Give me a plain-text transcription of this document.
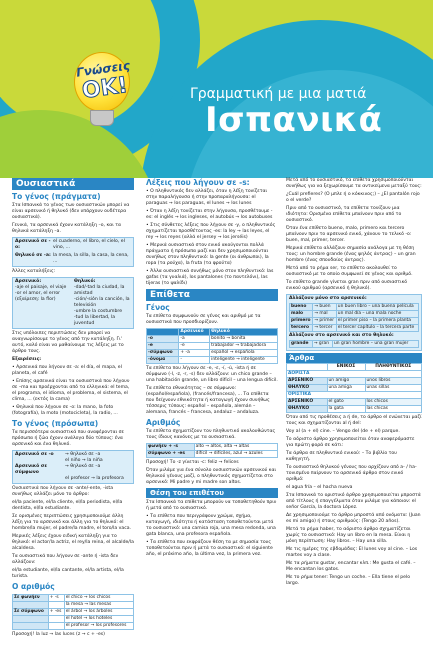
Γνώσεις
OK!	Γραμματική με μια ματιά
Ισπανικά
Ουσιαστικά
Το γένος (πράγματα)

Στα Ισπανικά το γένος των ουσιαστικών μπορεί να είναι αρσενικό ή θηλυκό (δεν υπάρχουν ουδέτερα ουσιαστικά).

Γενικά, τα αρσενικά έχουν κατάληξη –o, και τα θηλυκά κατάληξη –a.

Αρσενικό σε -o:
el cuaderno, el libro, el cielo, el vino, ...
Θηλυκό σε -a: la mesa, la silla, la casa, la cena, ...

Άλλες καταλήξεις:

Αρσενικό:
-aje el paisaje, el viaje
-or el amor, el error
(εξαίρεση: la flor)
Θηλυκό:
-dad/-tad la ciudad, la amistad
-ción/-sión la canción, la televisión
-umbre la costumbre
-tud la libertad, la juventud

Στις υπόλοιπες περιπτώσεις δεν μπορεί να αναγνωρίσουμε το γένος από την κατάληξη. Γι' αυτό, καλό είναι να μαθαίνουμε τις λέξεις με το άρθρο τους.

Εξαιρέσεις:

• Αρσενικά που λήγουν σε -a: el día, el mapa, el planeta, el café

• Επίσης αρσενικά είναι τα ουσιαστικά που λήγουν σε –ma και προέρχονται από τα ελληνικά: el tema, el programa, el idioma, el problema, el sistema, el clima, ... (εκτός la cama)

• Θηλυκά που λήγουν σε -o: la mano, la foto (fotografía), la moto (motocicleta), la radio, ...

Το γένος (πρόσωπα)

Τα περισσότερα ουσιαστικά που αναφέρονται σε πρόσωπα ή ζώα έχουν ανάλογα δύο τύπους: ένα αρσενικό και ένα θηλυκό.

Αρσενικό σε -o	→ θηλυκό σε –a
el niño → la niña
Αρσενικό σε σύμφωνο
→ θηλυκό σε –a
el profesor → la profesora

Ουσιαστικά που λήγουν σε -ante/-ente, -ista συνήθως αλλάζει μόνο το άρθρο:

el/la paciente, el/la cliente, el/la periodista, el/la dentista, el/la estudiante.

Σε ορισμένες περιπτώσεις χρησιμοποιούμε άλλη λέξη για το αρσενικό και άλλη για το θηλυκό: el hombre/la mujer, el padre/la madre, el toro/la vaca.

Μερικές λέξεις έχουν ειδική κατάληξη για το θηλυκό: el actor/la actriz, el rey/la reina, el alcalde/la alcaldesa.

Τα ουσιαστικά που λήγουν σε -ante ή -ista δεν αλλάζουν:

el/la estudiante, el/la cantante, el/la artista, el/la turista.

Ο αριθμός
Σε φωνήεν	+ -s	el chico → los chicos
		la mesa → las mesas
Σε σύμφωνο	+ -es	el árbol → los árboles
		el hotel → los hoteles
		el profesor → los profesores

Προσοχή! la luz → las luces (z → c + -es)

Λέξεις που λήγουν σε -s:

• Ο πληθυντικός δεν αλλάζει, όταν η λέξη τονίζεται στην παραλήγουσα ή στην προπαραλήγουσα: el paraguas → los paraguas, el lunes → los lunes

• Όταν η λέξη τονίζεται στην λήγουσα, προσθέτουμε -es: el inglés → los ingleses, el autobús → los autobuses

• Στις σύνθετες λέξεις που λήγουν σε -y, ο πληθυντικός σχηματίζεται προσθέτοντας -es: la ley → las leyes, el rey → los reyes (αλλά el jersey → los jerséis)

• Μερικά ουσιαστικά στον ενικό ακούγονται πολλά πράγματα ή πρόσωπα μαζί και δεν χρησιμοποιούνται συνήθως στον πληθυντικό: la gente (οι άνθρωποι), la ropa (τα ρούχα), la fruta (τα φρούτα)

• Άλλα ουσιαστικά συνήθως μόνο στον πληθυντικό: las gafas (τα γυαλιά), los pantalones (το παντελόνι), las tijeras (το ψαλίδι)

Επίθετα
Γένος

Τα επίθετα συμφωνούν σε γένος και αριθμό με τα ουσιαστικά που προσδιορίζουν.

	Αρσενικό	Θηλυκό
-o	-a	bonito → bonita
-e	-e	trabajador → trabajadora
-σύμφωνο	+ -a	español → española
-όνομα	-	inteligente → inteligente

Τα επίθετα που λήγουν σε -e, -ε, -í, -ú, -ista ή σε σύμφωνο (-l, -z, -r, -s) δεν αλλάζουν: un chico grande – una habitación grande, un libro difícil – una lengua difícil.

Τα επίθετα εθνικότητας – σε σύμφωνο: (español/española), (francés/francesa), ... Τα επίθετα που δείχνουν εθνικότητα ή καταγωγή έχουν συνήθως τέσσερις τύπους: español – española, alemán – alemana, francés – francesa, andaluz – andaluza.

Αριθμός

Τα επίθετα σχηματίζουν τον πληθυντικό ακολουθώντας τους ίδιους κανόνες με τα ουσιαστικά.

φωνήεν + -s	alto → altos, alta → altas
σύμφωνο + -es	difícil → difíciles, azul → azules

Προσοχή! Το -z γίνεται -c: feliz → felices

Όταν μιλάμε για ένα σύνολο ουσιαστικών αρσενικού και θηλυκού γένους μαζί, ο πληθυντικός σχηματίζεται στο αρσενικό: Mi padre y mi madre son altos.

Θέση του επιθέτου

Στα Ισπανικά τα επίθετα μπορούν να τοποθετηθούν πριν ή μετά από το ουσιαστικό.

• Τα επίθετα που περιγράφουν χρώμα, σχήμα, καταγωγή, ιδιότητα ή κατάσταση τοποθετούνται μετά το ουσιαστικό: una camisa roja, una mesa redonda, una gata blanca, una profesora española.

• Τα επίθετα που εκφράζουν θέση τα με σημασία τους τοποθετούνται πριν ή μετά το ουσιαστικό: el siguiente año, el próximo año, la última vez, la primera vez.

Μετά από το ουσιαστικό, τα επίθετα χρησιμοποιούνται συνήθως για να ξεχωρίσουμε τα αντικείμενα μεταξύ τους:

¿Cuál prefieres? (Ο μπλε ή ο κόκκινος;) – ¿El pantalón rojo o el verde?

Πριν από το ουσιαστικό, τα επίθετα τονίζουν μια ιδιότητα: Ορισμένα επίθετα μπαίνουν πριν από το ουσιαστικό.

Όταν ένα επίθετο bueno, malo, primero και tercero μπαίνουν πριν το αρσενικό ενικό, χάνουν το τελικό -o: buen, mal, primer, tercer.

Μερικά επίθετα αλλάζουν σημασία ανάλογα με τη θέση τους: un hombre grande (ένας ψηλός άντρας) – un gran hombre (ένας σπουδαίος άντρας).

Μετά από το ρήμα ser, το επίθετο ακολουθεί το ουσιαστικό με το οποίο συμφωνεί σε γένος και αριθμό.

Το επίθετο grande γίνεται gran πριν από ουσιαστικό ενικού αριθμού (αρσενικό ή θηλυκό).

Αλλάζουν μόνο στο αρσενικό:
bueno	→ buen	un buen libro – una buena película
malo	→ mal	un mal día – una mala noche
primero	→ primer	el primer piso – la primera planta
tercero	→ tercer	el tercer capítulo – la tercera parte
Αλλάζουν στο αρσενικό και στο θηλυκό:
grande	→ gran	un gran hombre – una gran mujer
Άρθρα
	ΕΝΙΚΟΣ	ΠΛΗΘΥΝΤΙΚΟΣ
ΑΟΡΙΣΤΑ		
ΑΡΣΕΝΙΚΟ	un amigo	unos libros
ΘΗΛΥΚΟ	una amiga	unas sillas
ΟΡΙΣΤΙΚΑ		
ΑΡΣΕΝΙΚΟ	el gato	los chicos
ΘΗΛΥΚΟ	la gata	las chicas

Όταν από τις προθέσεις a ή de, το άρθρο el ενώνεται μαζί τους και σχηματίζονται al ή del:

Voy al (a + el) cine. – Vengo del (de + el) parque.

Το αόριστο άρθρο χρησιμοποιείται όταν αναφερόμαστε για πρώτη φορά σε κάτι:

Τα άρθρα σε πληθυντικό ενικού: – Το βιβλίο του καθηγητή.

Το ουσιαστικό θηλυκού γένους που αρχίζουν από a- / ha- τονισμένο παίρνουν το αρσενικό άρθρο στον ενικό αριθμό:

el agua fría – el hacha nueva

Στα Ισπανικά το οριστικό άρθρο χρησιμοποιείται μπροστά από τίτλους ή επαγγέλματα όταν μιλάμε για κάποιον: el señor García, la doctora López.

Δε χρησιμοποιούμε το άρθρο μπροστά από ονόματα: (Juan es mi amigo) ή στους αριθμούς: (Tengo 20 años).

Μετά το ρήμα haber, το αόριστο άρθρο σχηματίζεται χωρίς το ουσιαστικό: Hay un libro en la mesa. Είναι η μόνη περίπτωση: Hay libros. – Hay una silla.

Με τις ημέρες της εβδομάδας: El lunes voy al cine. – Los martes voy a clase.

Με τα ρήματα gustar, encantar κλπ.: Me gusta el café. – Me encantan los gatos.

Με το ρήμα tener: Tengo un coche. – Ella tiene el pelo largo.
